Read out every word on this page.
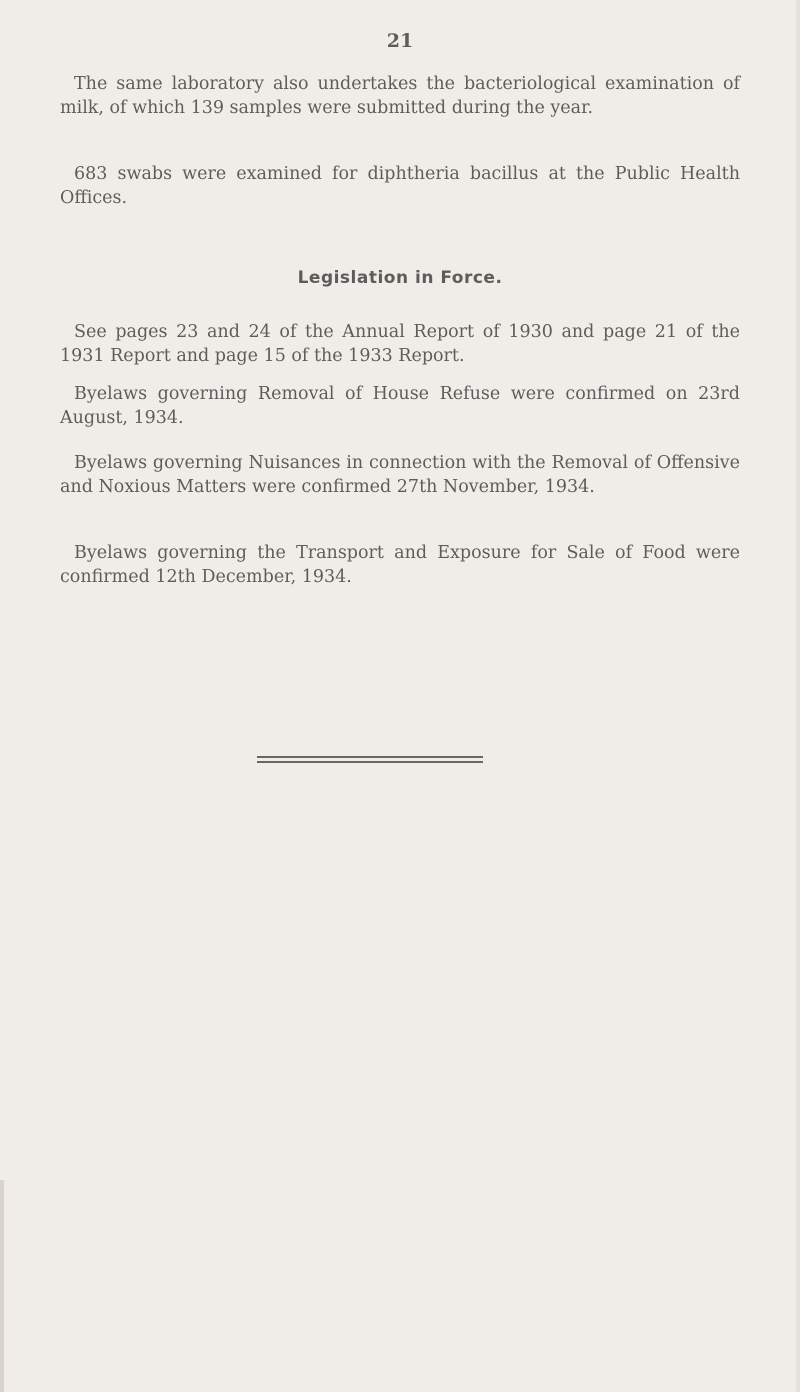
21

The same laboratory also undertakes the bacteriological examination of milk, of which 139 samples were submitted during the year.

683 swabs were examined for diphtheria bacillus at the Public Health Offices.

Legislation in Force.

See pages 23 and 24 of the Annual Report of 1930 and page 21 of the 1931 Report and page 15 of the 1933 Report.

Byelaws governing Removal of House Refuse were confirmed on 23rd August, 1934.

Byelaws governing Nuisances in connection with the Removal of Offensive and Noxious Matters were confirmed 27th November, 1934.

Byelaws governing the Transport and Exposure for Sale of Food were confirmed 12th December, 1934.
